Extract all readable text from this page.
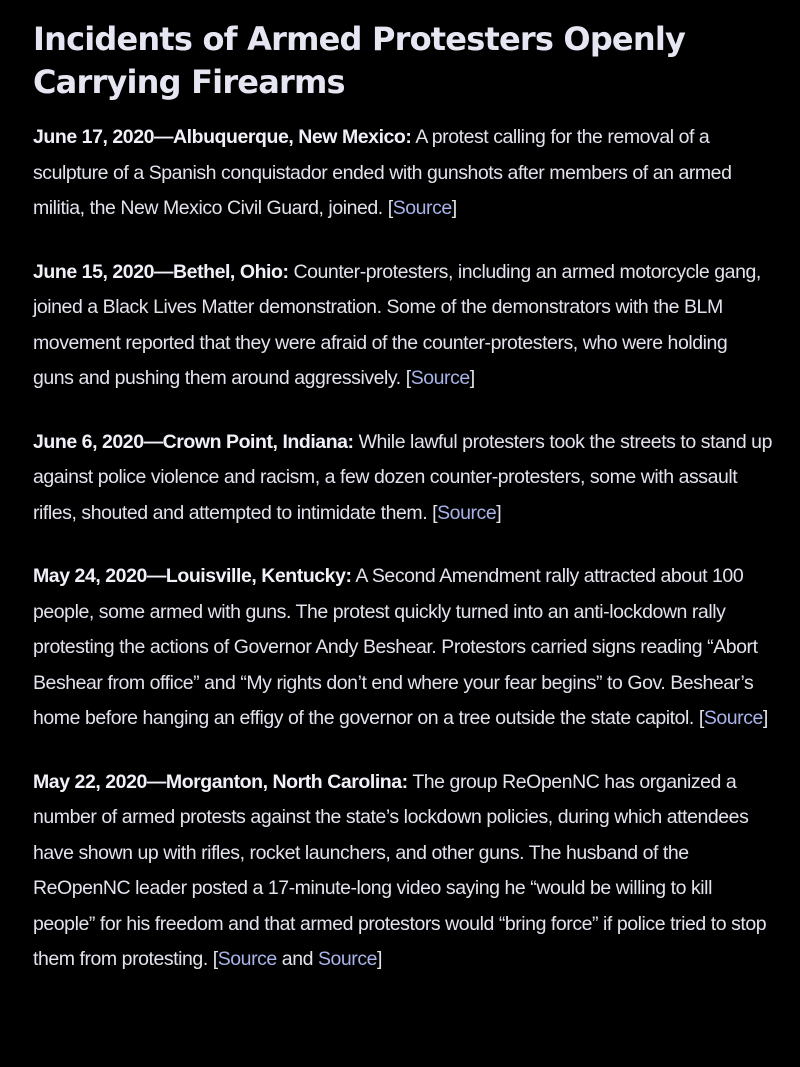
Incidents of Armed Protesters Openly Carrying Firearms

June 17, 2020—Albuquerque, New Mexico: A protest calling for the removal of a sculpture of a Spanish conquistador ended with gunshots after members of an armed militia, the New Mexico Civil Guard, joined. [Source]

June 15, 2020—Bethel, Ohio: Counter-protesters, including an armed motorcycle gang, joined a Black Lives Matter demonstration. Some of the demonstrators with the BLM movement reported that they were afraid of the counter-protesters, who were holding guns and pushing them around aggressively. [Source]

June 6, 2020—Crown Point, Indiana: While lawful protesters took the streets to stand up against police violence and racism, a few dozen counter-protesters, some with assault rifles, shouted and attempted to intimidate them. [Source]

May 24, 2020—Louisville, Kentucky: A Second Amendment rally attracted about 100 people, some armed with guns. The protest quickly turned into an anti-lockdown rally protesting the actions of Governor Andy Beshear. Protestors carried signs reading “Abort Beshear from office” and “My rights don’t end where your fear begins” to Gov. Beshear’s home before hanging an effigy of the governor on a tree outside the state capitol. [Source]

May 22, 2020—Morganton, North Carolina: The group ReOpenNC has organized a number of armed protests against the state’s lockdown policies, during which attendees have shown up with rifles, rocket launchers, and other guns. The husband of the ReOpenNC leader posted a 17-minute-long video saying he “would be willing to kill people” for his freedom and that armed protestors would “bring force” if police tried to stop them from protesting. [Source and Source]
